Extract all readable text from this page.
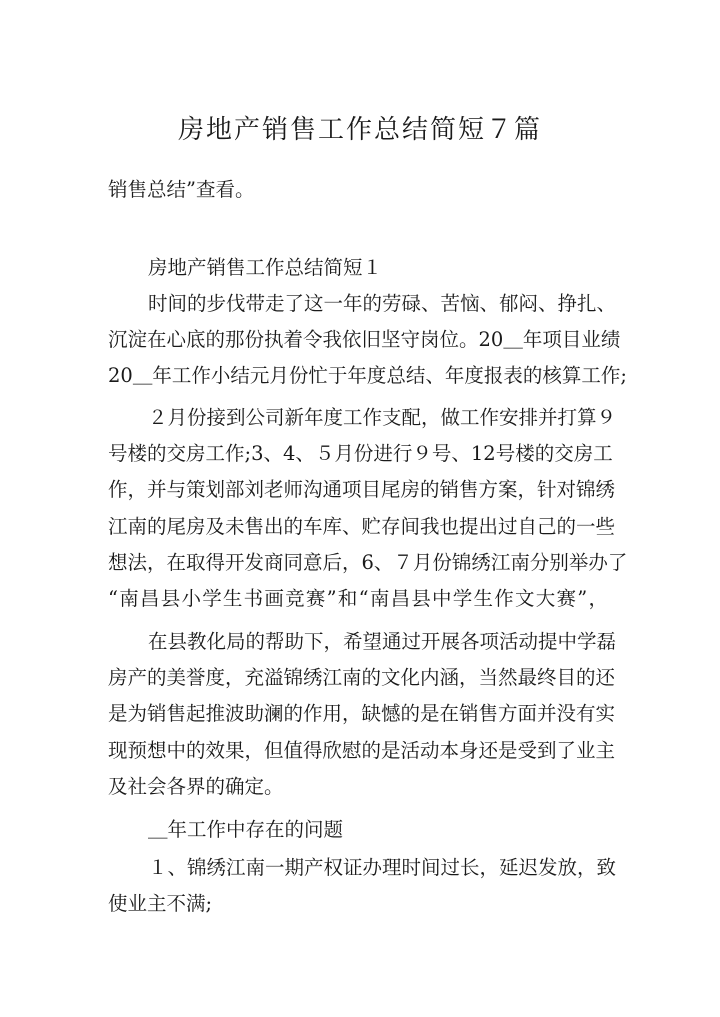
房地产销售工作总结简短７篇

销售总结”查看。

房地产销售工作总结简短１

时间的步伐带走了这一年的劳碌、苦恼、郁闷、挣扎、
沉淀在心底的那份执着令我依旧坚守岗位。20＿年项目业绩
20＿年工作小结元月份忙于年度总结、年度报表的核算工作;

２月份接到公司新年度工作支配，做工作安排并打算９
号楼的交房工作;3、4、５月份进行９号、12号楼的交房工
作，并与策划部刘老师沟通项目尾房的销售方案，针对锦绣
江南的尾房及未售出的车库、贮存间我也提出过自己的一些
想法，在取得开发商同意后，6、７月份锦绣江南分别举办了
“南昌县小学生书画竞赛”和“南昌县中学生作文大赛”，

在县教化局的帮助下，希望通过开展各项活动提中学磊
房产的美誉度，充溢锦绣江南的文化内涵，当然最终目的还
是为销售起推波助澜的作用，缺憾的是在销售方面并没有实
现预想中的效果，但值得欣慰的是活动本身还是受到了业主
及社会各界的确定。

＿年工作中存在的问题

１、锦绣江南一期产权证办理时间过长，延迟发放，致
使业主不满;
